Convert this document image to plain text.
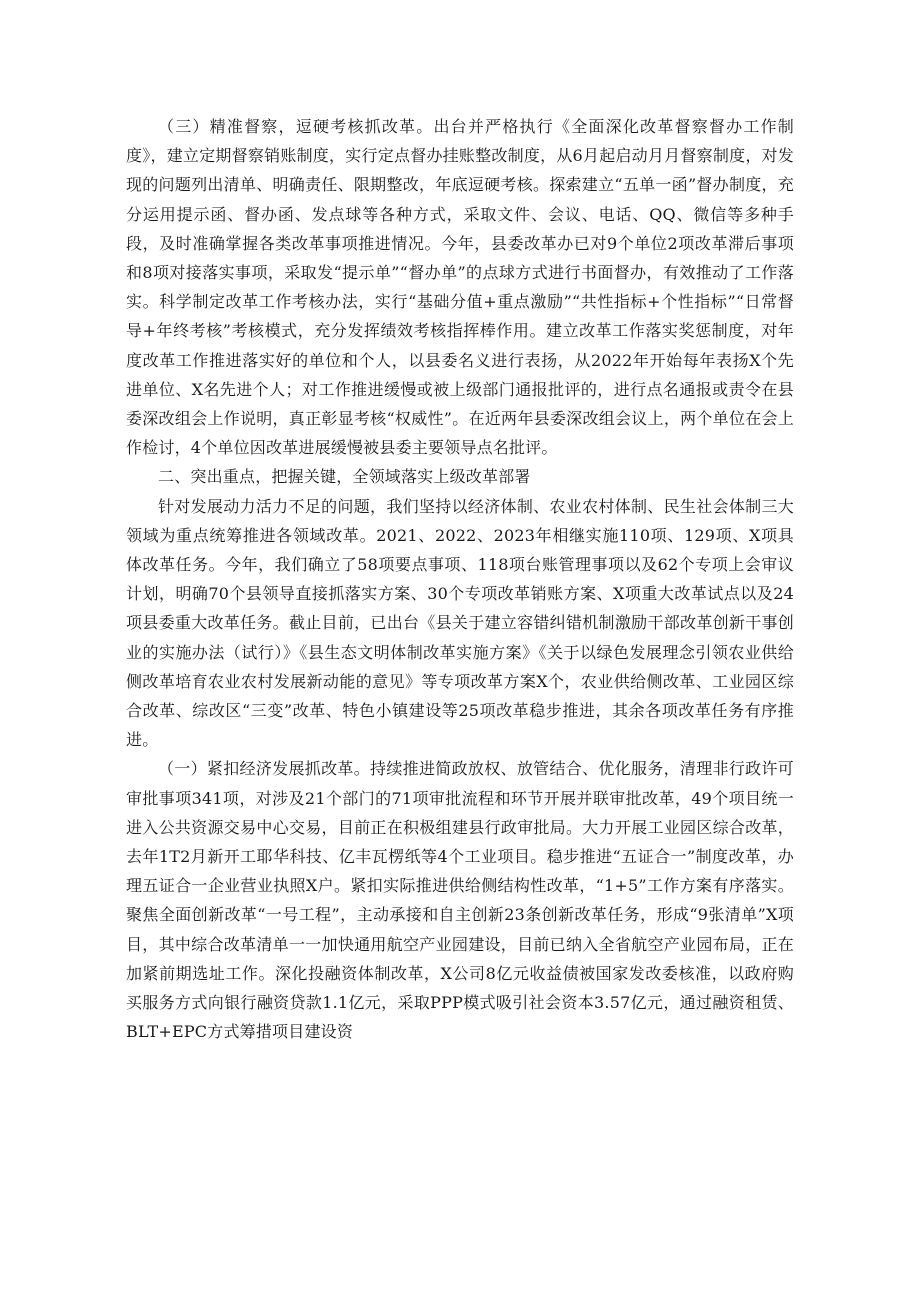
（三）精准督察，逗硬考核抓改革。出台并严格执行《全面深化改革督察督办工作制度》，建立定期督察销账制度，实行定点督办挂账整改制度，从6月起启动月月督察制度，对发现的问题列出清单、明确责任、限期整改，年底逗硬考核。探索建立“五单一函”督办制度，充分运用提示函、督办函、发点球等各种方式，采取文件、会议、电话、QQ、微信等多种手段，及时准确掌握各类改革事项推进情况。今年，县委改革办已对9个单位2项改革滞后事项和8项对接落实事项，采取发“提示单”“督办单”的点球方式进行书面督办，有效推动了工作落实。科学制定改革工作考核办法，实行“基础分值+重点激励”“共性指标+个性指标”“日常督导+年终考核”考核模式，充分发挥绩效考核指挥棒作用。建立改革工作落实奖惩制度，对年度改革工作推进落实好的单位和个人，以县委名义进行表扬，从2022年开始每年表扬X个先进单位、X名先进个人；对工作推进缓慢或被上级部门通报批评的，进行点名通报或责令在县委深改组会上作说明，真正彰显考核“权威性”。在近两年县委深改组会议上，两个单位在会上作检讨，4个单位因改革进展缓慢被县委主要领导点名批评。

二、突出重点，把握关键，全领域落实上级改革部署

针对发展动力活力不足的问题，我们坚持以经济体制、农业农村体制、民生社会体制三大领域为重点统筹推进各领域改革。2021、2022、2023年相继实施110项、129项、X项具体改革任务。今年，我们确立了58项要点事项、118项台账管理事项以及62个专项上会审议计划，明确70个县领导直接抓落实方案、30个专项改革销账方案、X项重大改革试点以及24项县委重大改革任务。截止目前，已出台《县关于建立容错纠错机制激励干部改革创新干事创业的实施办法（试行）》《县生态文明体制改革实施方案》《关于以绿色发展理念引领农业供给侧改革培育农业农村发展新动能的意见》等专项改革方案X个，农业供给侧改革、工业园区综合改革、综改区“三变”改革、特色小镇建设等25项改革稳步推进，其余各项改革任务有序推进。

（一）紧扣经济发展抓改革。持续推进简政放权、放管结合、优化服务，清理非行政许可审批事项341项，对涉及21个部门的71项审批流程和环节开展并联审批改革，49个项目统一进入公共资源交易中心交易，目前正在积极组建县行政审批局。大力开展工业园区综合改革，去年1T2月新开工耶华科技、亿丰瓦楞纸等4个工业项目。稳步推进“五证合一”制度改革，办理五证合一企业营业执照X户。紧扣实际推进供给侧结构性改革，“1+5”工作方案有序落实。聚焦全面创新改革“一号工程”，主动承接和自主创新23条创新改革任务，形成“9张清单”X项目，其中综合改革清单一一加快通用航空产业园建设，目前已纳入全省航空产业园布局，正在加紧前期选址工作。深化投融资体制改革，X公司8亿元收益债被国家发改委核准，以政府购买服务方式向银行融资贷款1.1亿元，采取PPP模式吸引社会资本3.57亿元，通过融资租赁、BLT+EPC方式筹措项目建设资
